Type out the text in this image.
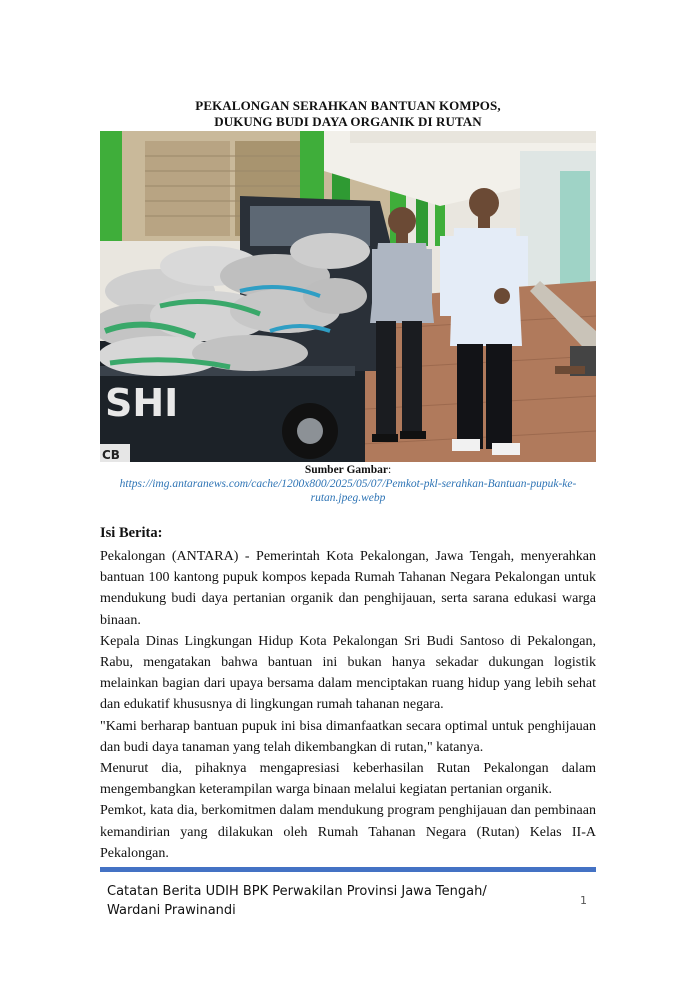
PEKALONGAN SERAHKAN BANTUAN KOMPOS,
DUKUNG BUDI DAYA ORGANIK DI RUTAN
SHI
CB
Sumber Gambar:
https://img.antaranews.com/cache/1200x800/2025/05/07/Pemkot-pkl-serahkan-Bantuan-pupuk-ke-
rutan.jpeg.webp
Isi Berita:

Pekalongan (ANTARA) - Pemerintah Kota Pekalongan, Jawa Tengah, menyerahkan bantuan 100 kantong pupuk kompos kepada Rumah Tahanan Negara Pekalongan untuk mendukung budi daya pertanian organik dan penghijauan, serta sarana edukasi warga binaan.

Kepala Dinas Lingkungan Hidup Kota Pekalongan Sri Budi Santoso di Pekalongan, Rabu, mengatakan bahwa bantuan ini bukan hanya sekadar dukungan logistik melainkan bagian dari upaya bersama dalam menciptakan ruang hidup yang lebih sehat dan edukatif khususnya di lingkungan rumah tahanan negara.

"Kami berharap bantuan pupuk ini bisa dimanfaatkan secara optimal untuk penghijauan dan budi daya tanaman yang telah dikembangkan di rutan," katanya.

Menurut dia, pihaknya mengapresiasi keberhasilan Rutan Pekalongan dalam mengembangkan keterampilan warga binaan melalui kegiatan pertanian organik.

Pemkot, kata dia, berkomitmen dalam mendukung program penghijauan dan pembinaan kemandirian yang dilakukan oleh Rumah Tahanan Negara (Rutan) Kelas II-A Pekalongan.

Catatan Berita UDIH BPK Perwakilan Provinsi Jawa Tengah/
Wardani Prawinandi
1
